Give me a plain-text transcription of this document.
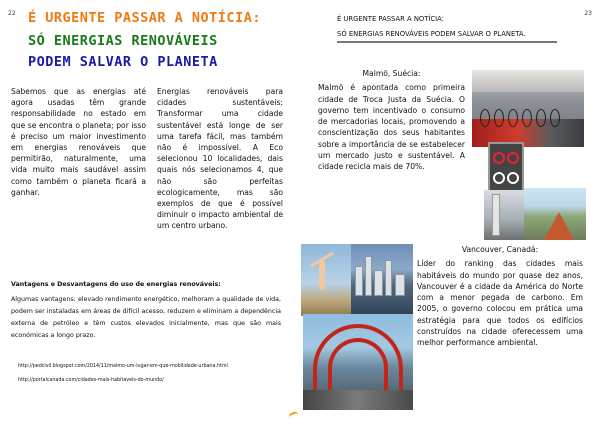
22 É URGENTE PASSAR A NOTÍCIA:
SÓ ENERGIAS RENOVÁVEIS
PODEM SALVAR O PLANETA
Sabemos que as energias até agora usadas têm grande responsabilidade no estado em que se encontra o planeta; por isso é preciso um maior investimento em energias renováveis que permitirão, naturalmente, uma vida muito mais saudável assim como também o planeta ficará a ganhar.
Energias renováveis para cidades sustentáveis: Transformar uma cidade sustentável está longe de ser uma tarefa fácil, mas também não é impossível. A Eco selecionou 10 localidades, dais quais nós selecionamos 4, que não são perfeitas ecologicamente, mas são exemplos de que é possível diminuir o impacto ambiental de um centro urbano.
Vantagens e Desvantagens do uso de energias renováveis:
Algumas vantagens: elevado rendimento energético, melhoram a qualidade de vida, podem ser instaladas em áreas de difícil acesso, reduzem e eliminam a dependência externa de petróleo e têm custos elevados inicialmente, mas que são mais económicas a longo prazo.
http://pedcivil.blogspot.com/2014/11/malmo-um-lugar-em-que-mobilidade-urbana.html
http://portalcanada.com/cidades-mais-habitaveis-do-mundo/
23
É URGENTE PASSAR A NOTÍCIA:
SÓ ENERGIAS RENOVÁVEIS PODEM SALVAR O PLANETA.
Malmö, Suécia:
Malmö é apontada como primeira cidade de Troca Justa da Suécia. O governo tem incentivado o consumo de mercadorias locais, promovendo a conscientização dos seus habitantes sobre a importância de se estabelecer um mercado justo e sustentável. A cidade recicla mais de 70%.
Vancouver, Canadá:
Líder do ranking das cidades mais habitáveis do mundo por quase dez anos, Vancouver é a cidade da América do Norte com a menor pegada de carbono. Em 2005, o governo colocou em prática uma estratégia para que todos os edifícios construídos na cidade oferecessem uma melhor performance ambiental.
